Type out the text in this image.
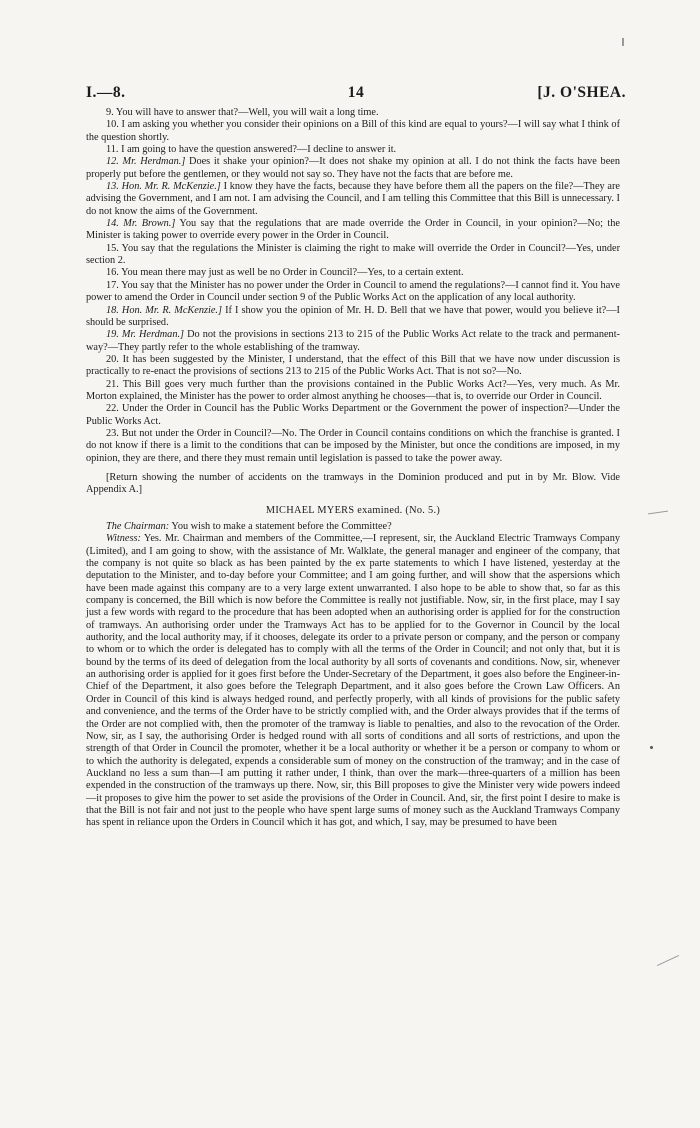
I.—8.	14	[J. O'SHEA.

9. You will have to answer that?—Well, you will wait a long time.

10. I am asking you whether you consider their opinions on a Bill of this kind are equal to yours?—I will say what I think of the question shortly.

11. I am going to have the question answered?—I decline to answer it.

12. Mr. Herdman.] Does it shake your opinion?—It does not shake my opinion at all. I do not think the facts have been properly put before the gentlemen, or they would not say so. They have not the facts that are before me.

13. Hon. Mr. R. McKenzie.] I know they have the facts, because they have before them all the papers on the file?—They are advising the Government, and I am not. I am advising the Council, and I am telling this Committee that this Bill is unnecessary. I do not know the aims of the Government.

14. Mr. Brown.] You say that the regulations that are made override the Order in Council, in your opinion?—No; the Minister is taking power to override every power in the Order in Council.

15. You say that the regulations the Minister is claiming the right to make will override the Order in Council?—Yes, under section 2.

16. You mean there may just as well be no Order in Council?—Yes, to a certain extent.

17. You say that the Minister has no power under the Order in Council to amend the regulations?—I cannot find it. You have power to amend the Order in Council under section 9 of the Public Works Act on the application of any local authority.

18. Hon. Mr. R. McKenzie.] If I show you the opinion of Mr. H. D. Bell that we have that power, would you believe it?—I should be surprised.

19. Mr. Herdman.] Do not the provisions in sections 213 to 215 of the Public Works Act relate to the track and permanent-way?—They partly refer to the whole establishing of the tramway.

20. It has been suggested by the Minister, I understand, that the effect of this Bill that we have now under discussion is practically to re-enact the provisions of sections 213 to 215 of the Public Works Act. That is not so?—No.

21. This Bill goes very much further than the provisions contained in the Public Works Act?—Yes, very much. As Mr. Morton explained, the Minister has the power to order almost anything he chooses—that is, to override our Order in Council.

22. Under the Order in Council has the Public Works Department or the Government the power of inspection?—Under the Public Works Act.

23. But not under the Order in Council?—No. The Order in Council contains conditions on which the franchise is granted. I do not know if there is a limit to the conditions that can be imposed by the Minister, but once the conditions are imposed, in my opinion, they are there, and there they must remain until legislation is passed to take the power away.

[Return showing the number of accidents on the tramways in the Dominion produced and put in by Mr. Blow. Vide Appendix A.]

MICHAEL MYERS examined. (No. 5.)

The Chairman: You wish to make a statement before the Committee?

Witness: Yes. Mr. Chairman and members of the Committee,—I represent, sir, the Auckland Electric Tramways Company (Limited), and I am going to show, with the assistance of Mr. Walklate, the general manager and engineer of the company, that the company is not quite so black as has been painted by the ex parte statements to which I have listened, yesterday at the deputation to the Minister, and to-day before your Committee; and I am going further, and will show that the aspersions which have been made against this company are to a very large extent unwarranted. I also hope to be able to show that, so far as this company is concerned, the Bill which is now before the Committee is really not justifiable. Now, sir, in the first place, may I say just a few words with regard to the procedure that has been adopted when an authorising order is applied for for the construction of tramways. An authorising order under the Tramways Act has to be applied for to the Governor in Council by the local authority, and the local authority may, if it chooses, delegate its order to a private person or company, and the person or company to whom or to which the order is delegated has to comply with all the terms of the Order in Council; and not only that, but it is bound by the terms of its deed of delegation from the local authority by all sorts of covenants and conditions. Now, sir, whenever an authorising order is applied for it goes first before the Under-Secretary of the Department, it goes also before the Engineer-in-Chief of the Department, it also goes before the Telegraph Department, and it also goes before the Crown Law Officers. An Order in Council of this kind is always hedged round, and perfectly properly, with all kinds of provisions for the public safety and convenience, and the terms of the Order have to be strictly complied with, and the Order always provides that if the terms of the Order are not complied with, then the promoter of the tramway is liable to penalties, and also to the revocation of the Order. Now, sir, as I say, the authorising Order is hedged round with all sorts of conditions and all sorts of restrictions, and upon the strength of that Order in Council the promoter, whether it be a local authority or whether it be a person or company to whom or to which the authority is delegated, expends a considerable sum of money on the construction of the tramway; and in the case of Auckland no less a sum than—I am putting it rather under, I think, than over the mark—three-quarters of a million has been expended in the construction of the tramways up there. Now, sir, this Bill proposes to give the Minister very wide powers indeed—it proposes to give him the power to set aside the provisions of the Order in Council. And, sir, the first point I desire to make is that the Bill is not fair and not just to the people who have spent large sums of money such as the Auckland Tramways Company has spent in reliance upon the Orders in Council which it has got, and which, I say, may be presumed to have been
